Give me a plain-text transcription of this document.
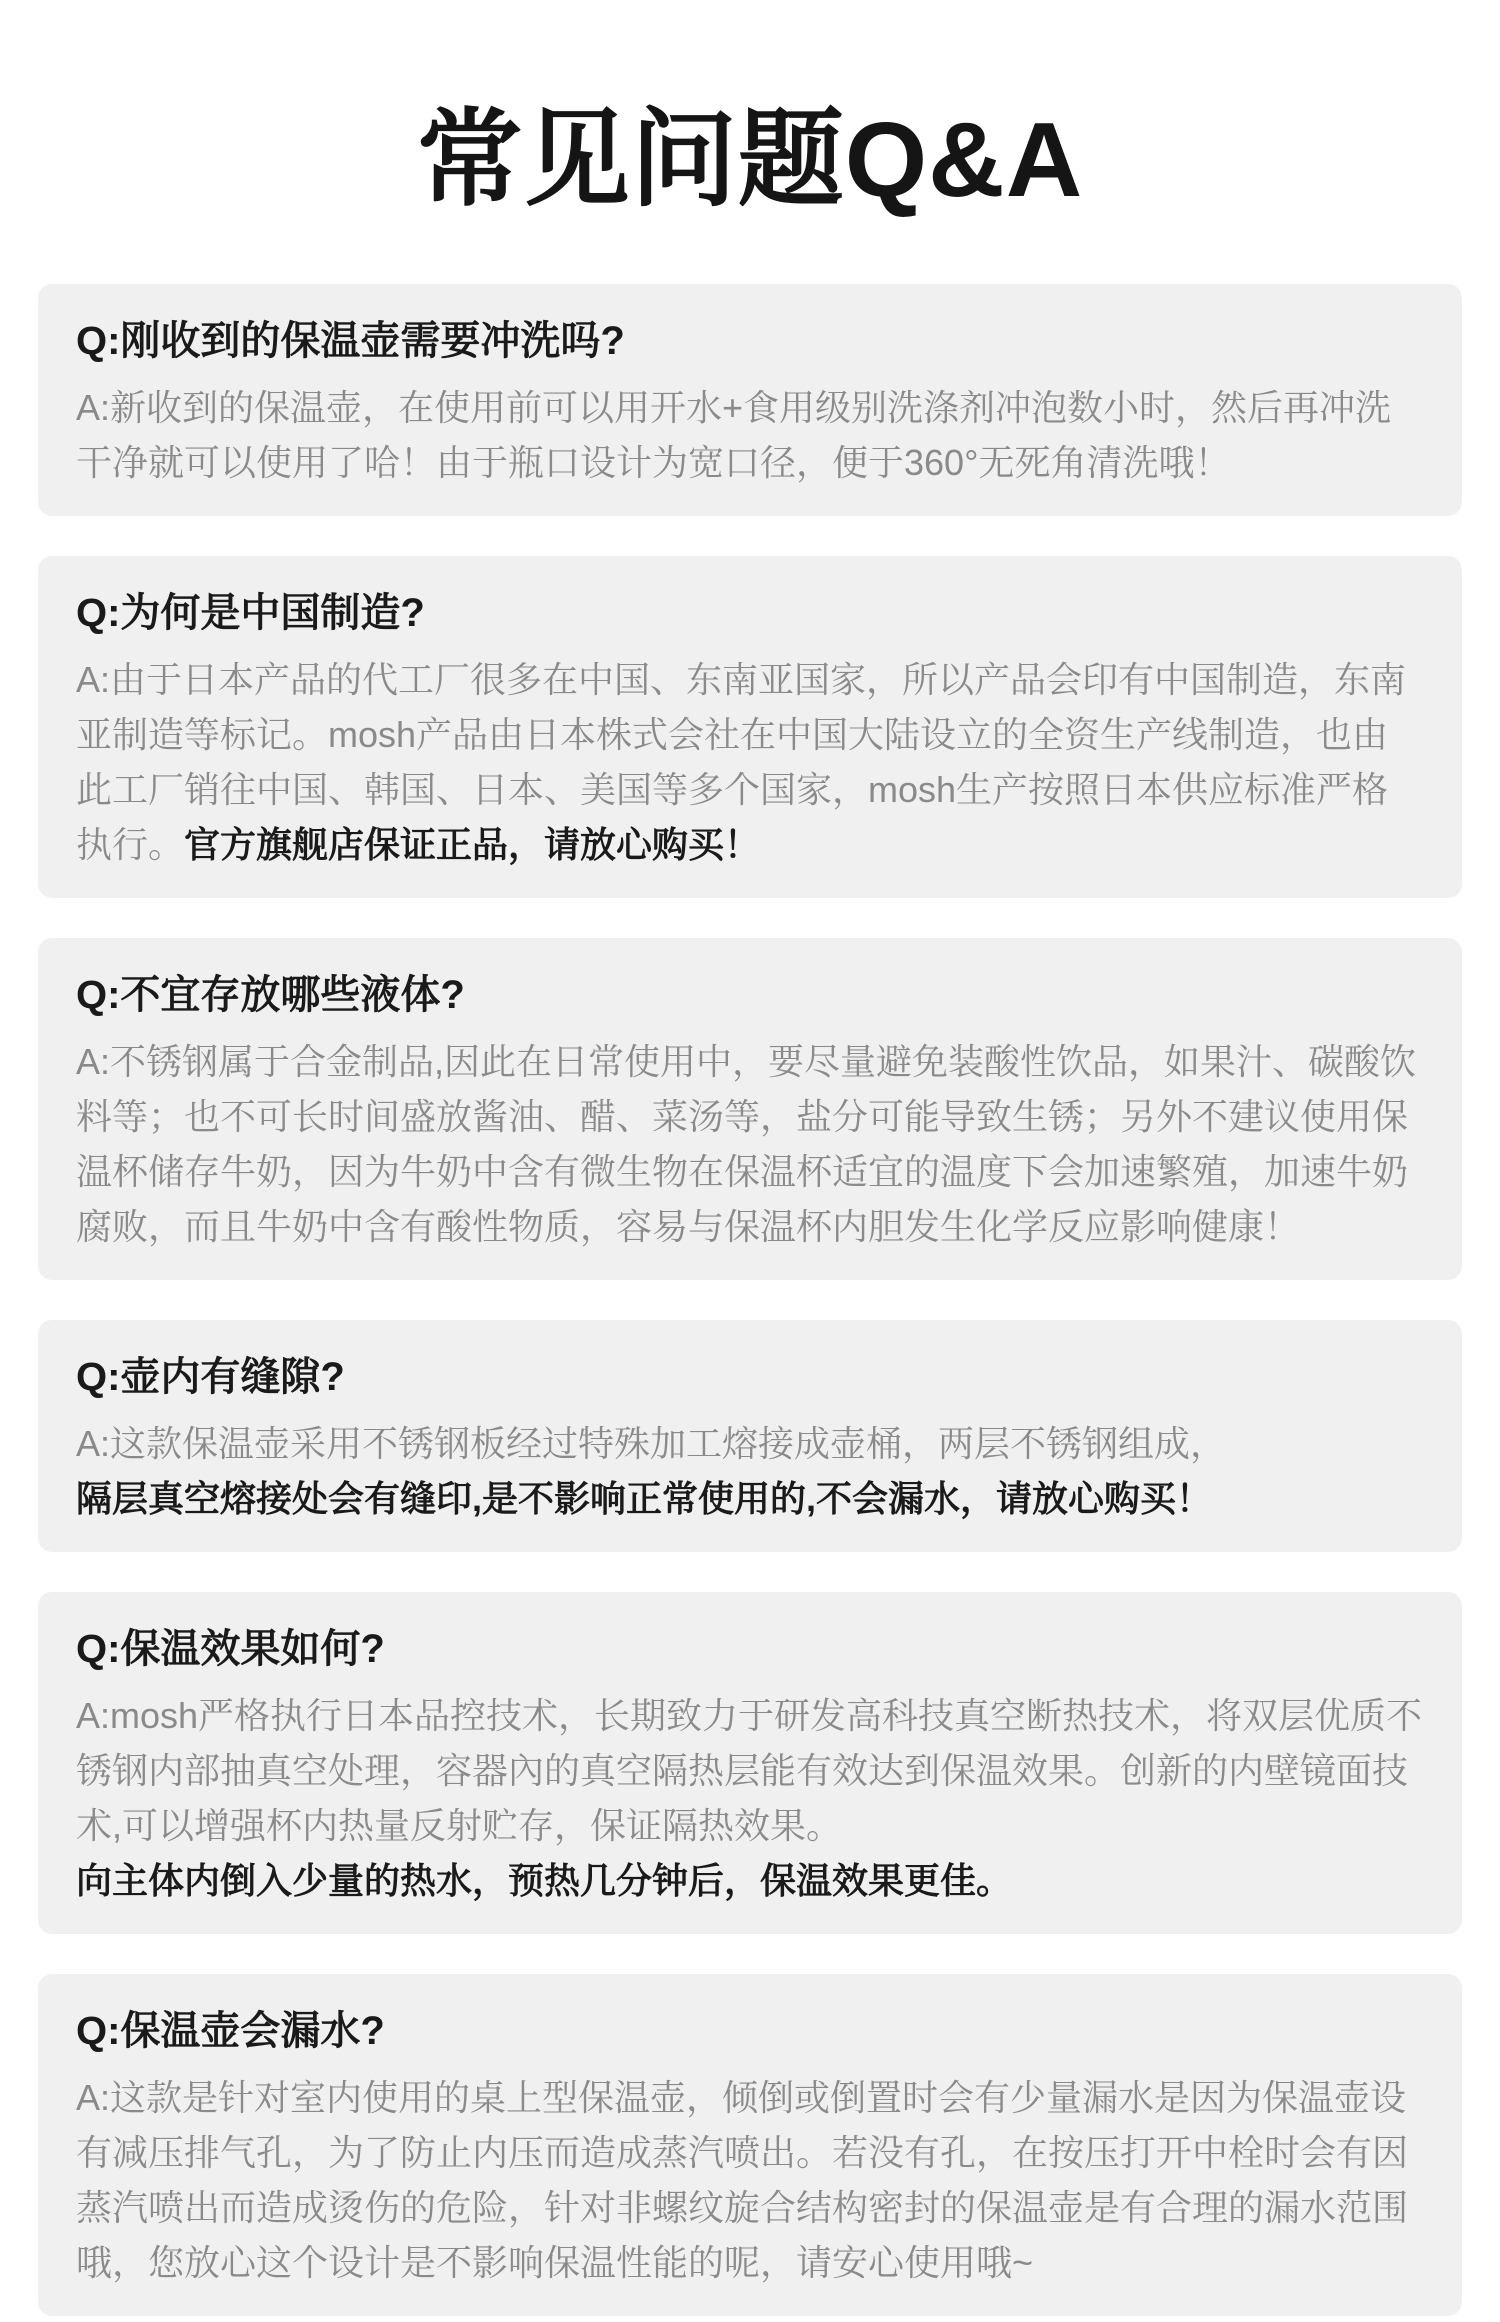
常见问题Q&A
Q:刚收到的保温壶需要冲洗吗?

A:新收到的保温壶，在使用前可以用开水+食用级别洗涤剂冲泡数小时，然后再冲洗干净就可以使用了哈！由于瓶口设计为宽口径，便于360°无死角清洗哦！

Q:为何是中国制造?

A:由于日本产品的代工厂很多在中国、东南亚国家，所以产品会印有中国制造，东南亚制造等标记。mosh产品由日本株式会社在中国大陆设立的全资生产线制造，也由此工厂销往中国、韩国、日本、美国等多个国家，mosh生产按照日本供应标准严格执行。官方旗舰店保证正品，请放心购买！

Q:不宜存放哪些液体?

A:不锈钢属于合金制品,因此在日常使用中，要尽量避免装酸性饮品，如果汁、碳酸饮料等；也不可长时间盛放酱油、醋、菜汤等，盐分可能导致生锈；另外不建议使用保温杯储存牛奶，因为牛奶中含有微生物在保温杯适宜的温度下会加速繁殖，加速牛奶腐败，而且牛奶中含有酸性物质，容易与保温杯内胆发生化学反应影响健康！

Q:壶内有缝隙?

A:这款保温壶采用不锈钢板经过特殊加工熔接成壶桶，两层不锈钢组成，
隔层真空熔接处会有缝印,是不影响正常使用的,不会漏水，请放心购买！

Q:保温效果如何?

A:mosh严格执行日本品控技术，长期致力于研发高科技真空断热技术，将双层优质不锈钢内部抽真空处理，容器內的真空隔热层能有效达到保温效果。创新的内壁镜面技术,可以增强杯内热量反射贮存，保证隔热效果。
向主体内倒入少量的热水，预热几分钟后，保温效果更佳。

Q:保温壶会漏水?

A:这款是针对室内使用的桌上型保温壶，倾倒或倒置时会有少量漏水是因为保温壶设有减压排气孔，为了防止内压而造成蒸汽喷出。若没有孔，在按压打开中栓时会有因蒸汽喷出而造成烫伤的危险，针对非螺纹旋合结构密封的保温壶是有合理的漏水范围哦，您放心这个设计是不影响保温性能的呢，请安心使用哦~
